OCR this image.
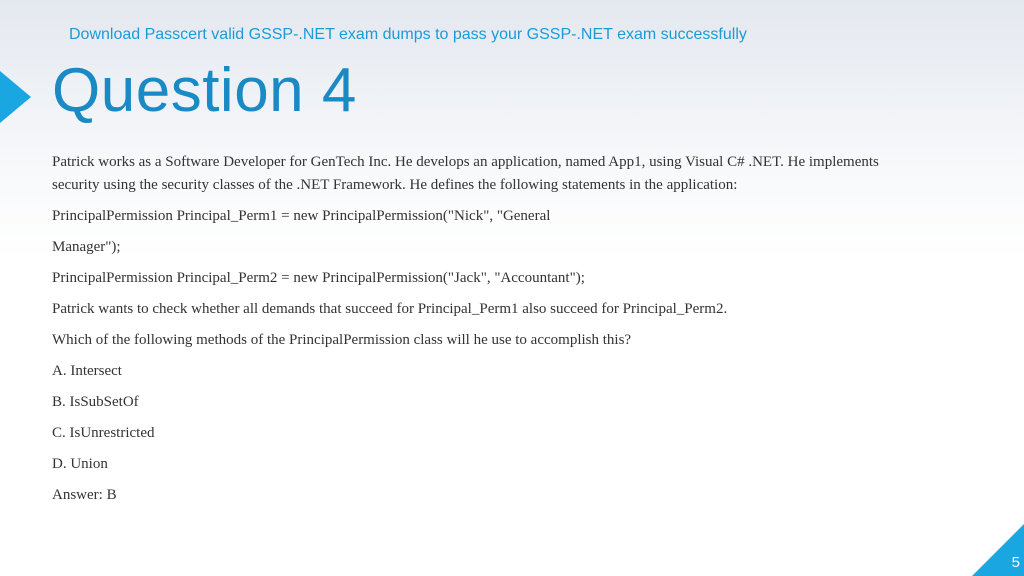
Download Passcert valid GSSP-.NET exam dumps to pass your GSSP-.NET exam successfully
Question 4

Patrick works as a Software Developer for GenTech Inc. He develops an application, named App1, using Visual C# .NET. He implements
security using the security classes of the .NET Framework. He defines the following statements in the application:

PrincipalPermission Principal_Perm1 = new PrincipalPermission("Nick", "General

Manager");

PrincipalPermission Principal_Perm2 = new PrincipalPermission("Jack", "Accountant");

Patrick wants to check whether all demands that succeed for Principal_Perm1 also succeed for Principal_Perm2.

Which of the following methods of the PrincipalPermission class will he use to accomplish this?

A. Intersect

B. IsSubSetOf

C. IsUnrestricted

D. Union

Answer: B

5
